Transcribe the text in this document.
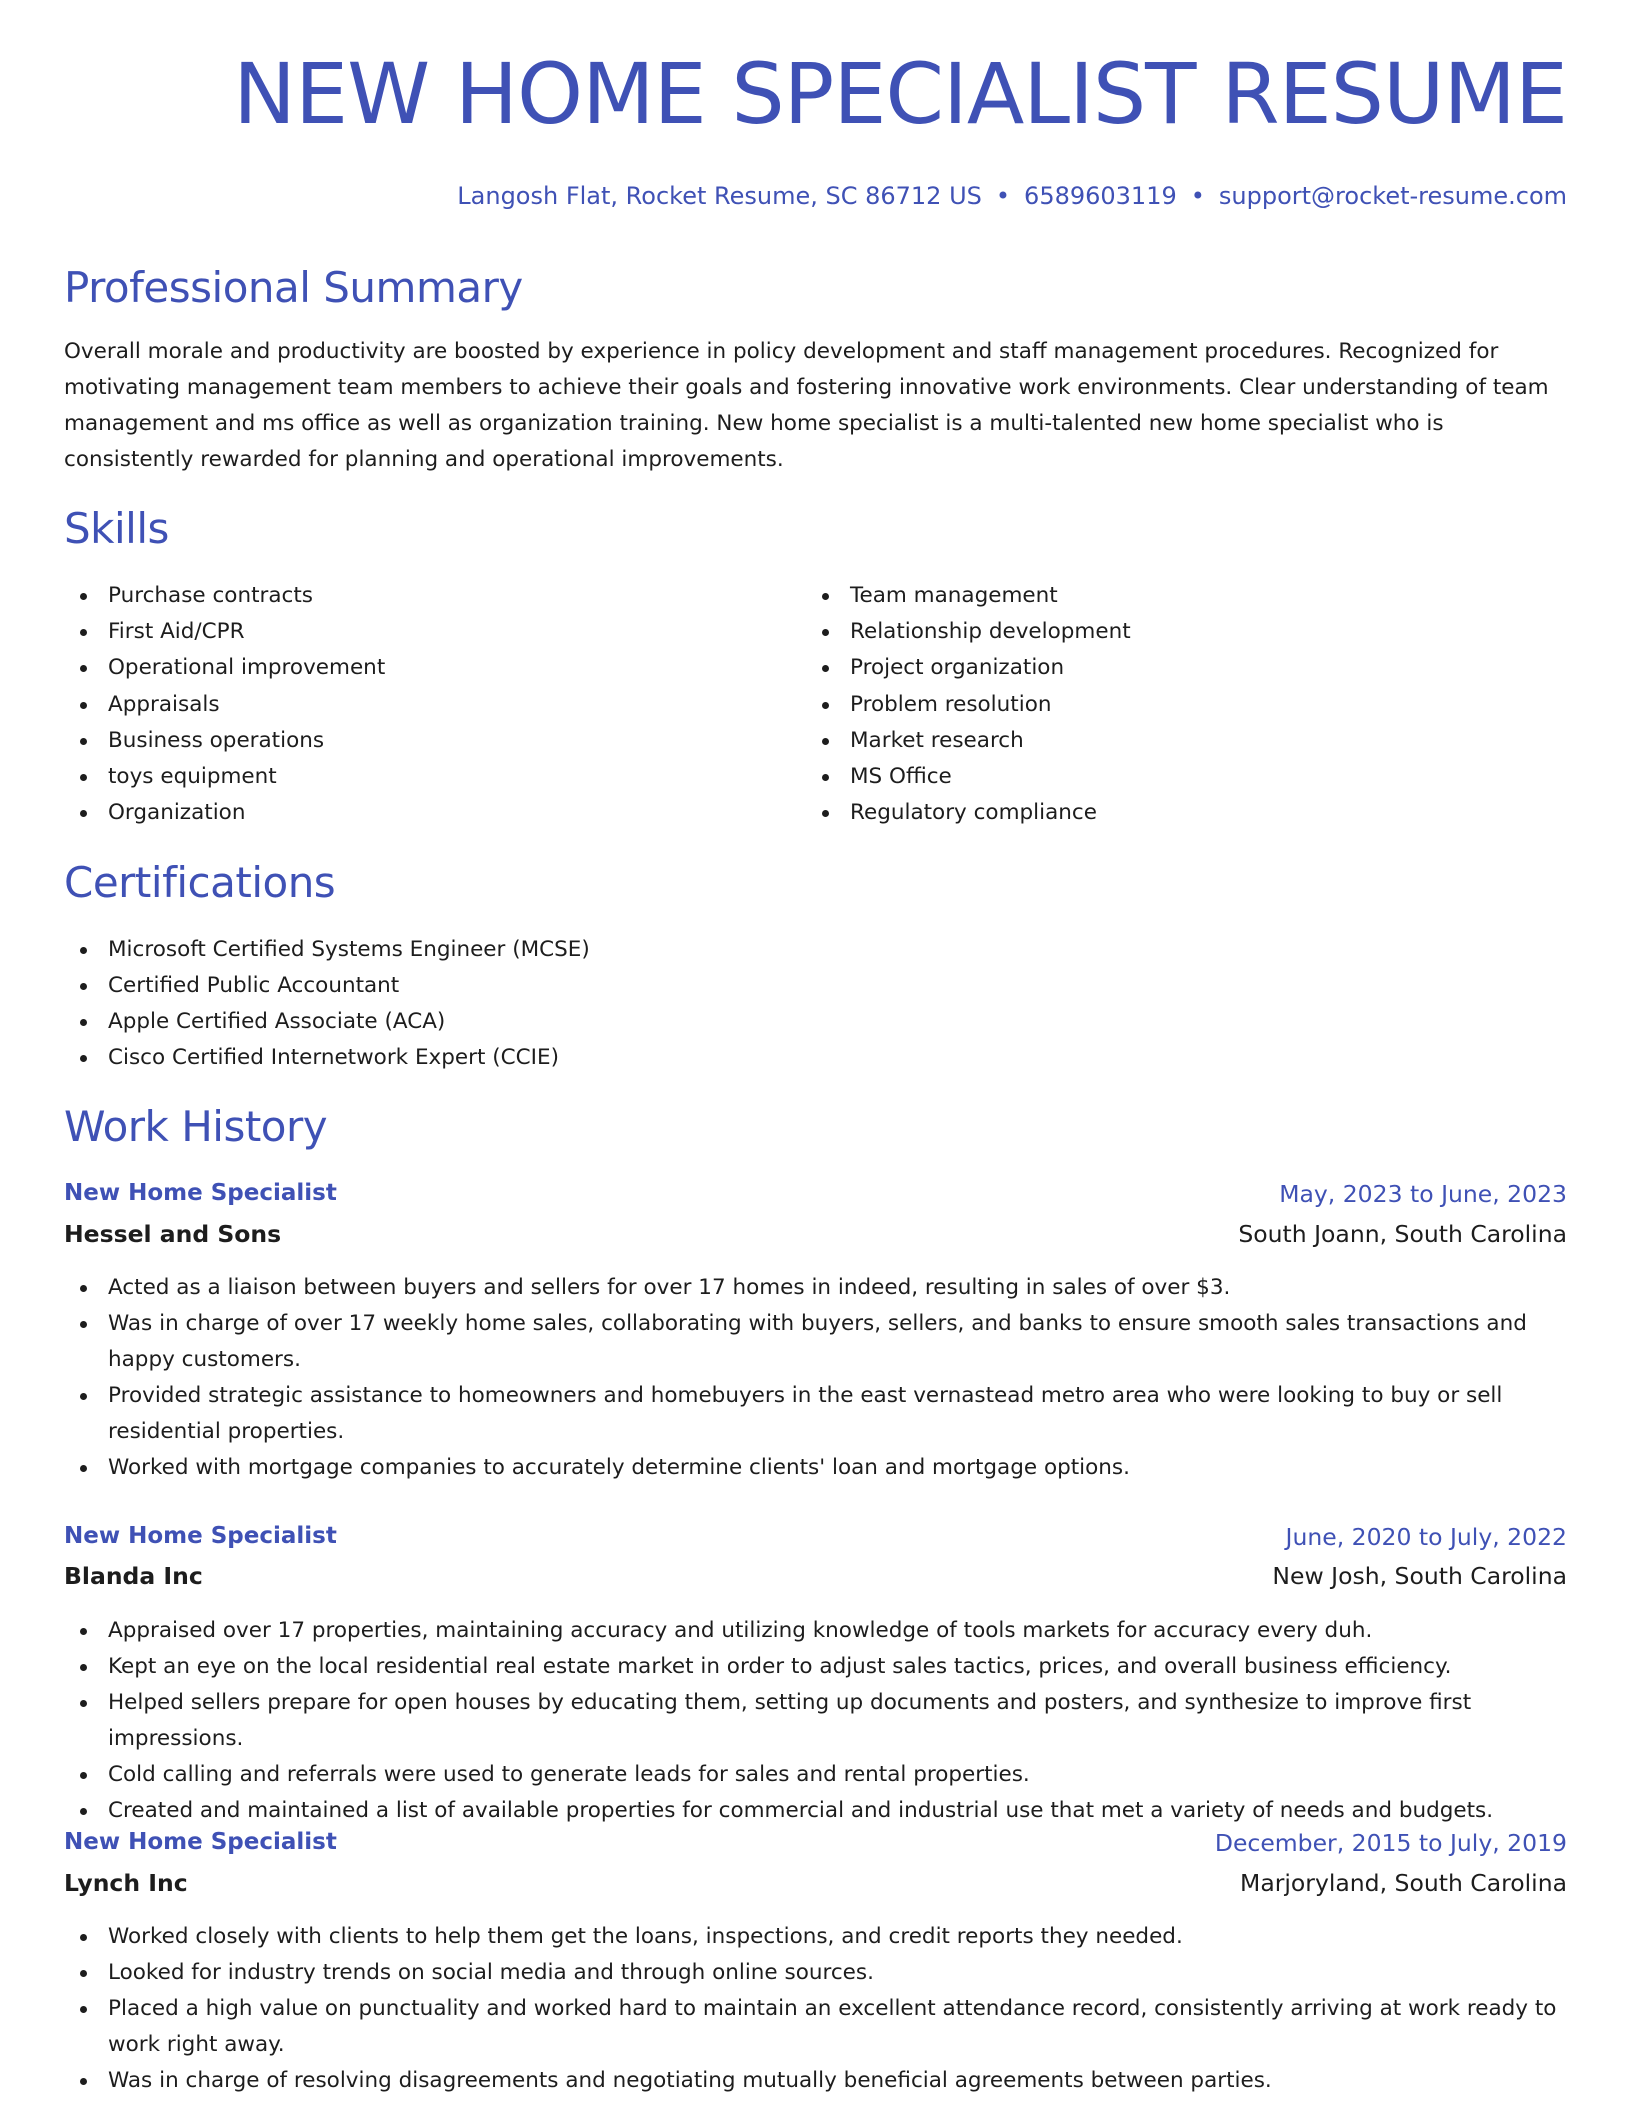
NEW HOME SPECIALIST RESUME
Langosh Flat, Rocket Resume, SC 86712 US • 6589603119 • support@rocket-resume.com
Professional Summary

Overall morale and productivity are boosted by experience in policy development and staff management procedures. Recognized for motivating management team members to achieve their goals and fostering innovative work environments. Clear understanding of team management and ms office as well as organization training. New home specialist is a multi-talented new home specialist who is consistently rewarded for planning and operational improvements.

Skills
Purchase contracts
First Aid/CPR
Operational improvement
Appraisals
Business operations
toys equipment
Organization
Team management
Relationship development
Project organization
Problem resolution
Market research
MS Office
Regulatory compliance
Certifications
Microsoft Certified Systems Engineer (MCSE)
Certified Public Accountant
Apple Certified Associate (ACA)
Cisco Certified Internetwork Expert (CCIE)
Work History
New Home Specialist	May, 2023 to June, 2023
Hessel and Sons	South Joann, South Carolina
Acted as a liaison between buyers and sellers for over 17 homes in indeed, resulting in sales of over $3.
Was in charge of over 17 weekly home sales, collaborating with buyers, sellers, and banks to ensure smooth sales transactions and happy customers.
Provided strategic assistance to homeowners and homebuyers in the east vernastead metro area who were looking to buy or sell residential properties.
Worked with mortgage companies to accurately determine clients' loan and mortgage options.
New Home Specialist	June, 2020 to July, 2022
Blanda Inc	New Josh, South Carolina
Appraised over 17 properties, maintaining accuracy and utilizing knowledge of tools markets for accuracy every duh.
Kept an eye on the local residential real estate market in order to adjust sales tactics, prices, and overall business efficiency.
Helped sellers prepare for open houses by educating them, setting up documents and posters, and synthesize to improve first impressions.
Cold calling and referrals were used to generate leads for sales and rental properties.
Created and maintained a list of available properties for commercial and industrial use that met a variety of needs and budgets.
New Home Specialist	December, 2015 to July, 2019
Lynch Inc	Marjoryland, South Carolina
Worked closely with clients to help them get the loans, inspections, and credit reports they needed.
Looked for industry trends on social media and through online sources.
Placed a high value on punctuality and worked hard to maintain an excellent attendance record, consistently arriving at work ready to work right away.
Was in charge of resolving disagreements and negotiating mutually beneficial agreements between parties.
